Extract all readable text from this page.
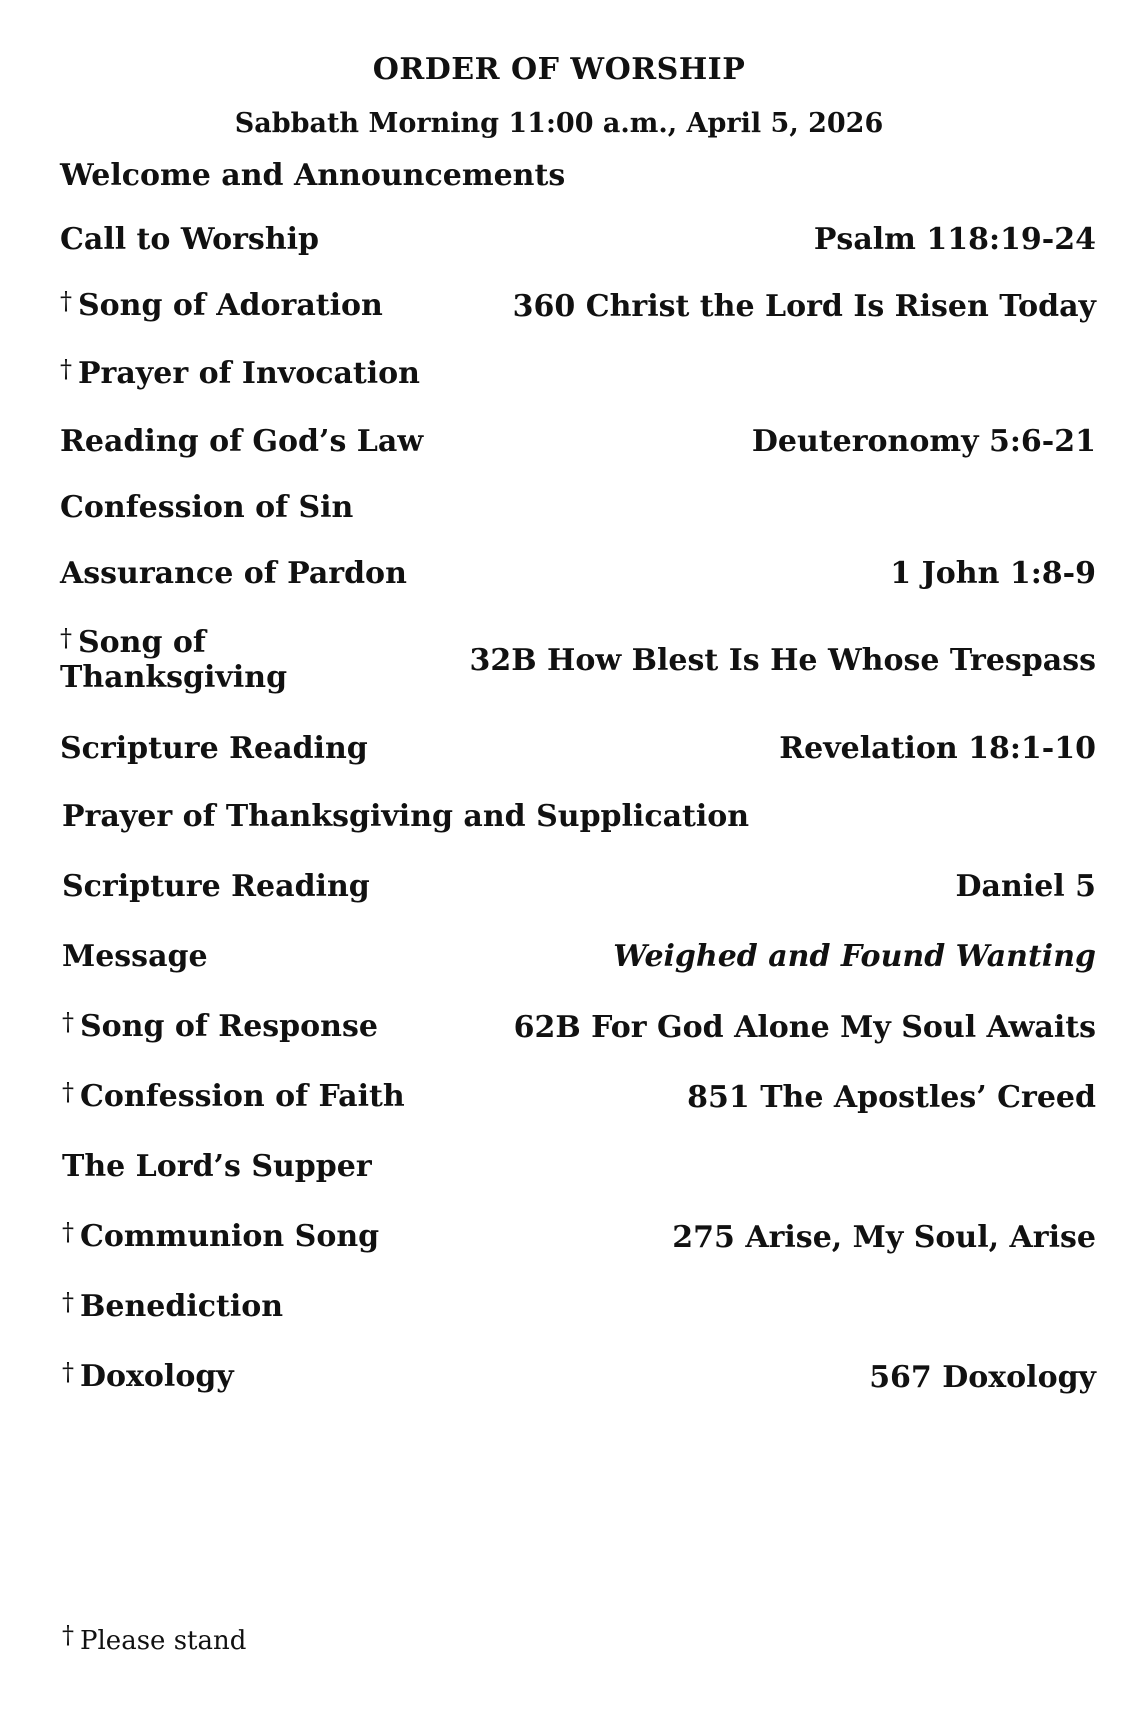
ORDER OF WORSHIP
Sabbath Morning 11:00 a.m., April 5, 2026
Welcome and Announcements
Call to Worship	Psalm 118:19-24
† Song of Adoration	360 Christ the Lord Is Risen Today
† Prayer of Invocation
Reading of God’s Law	Deuteronomy 5:6-21
Confession of Sin
Assurance of Pardon	1 John 1:8-9
† Song of Thanksgiving	32B How Blest Is He Whose Trespass
Scripture Reading	Revelation 18:1-10
Prayer of Thanksgiving and Supplication
Scripture Reading	Daniel 5
Message	Weighed and Found Wanting
† Song of Response	62B For God Alone My Soul Awaits
† Confession of Faith	851 The Apostles’ Creed
The Lord’s Supper
† Communion Song	275 Arise, My Soul, Arise
† Benediction
† Doxology	567 Doxology
† Please stand
